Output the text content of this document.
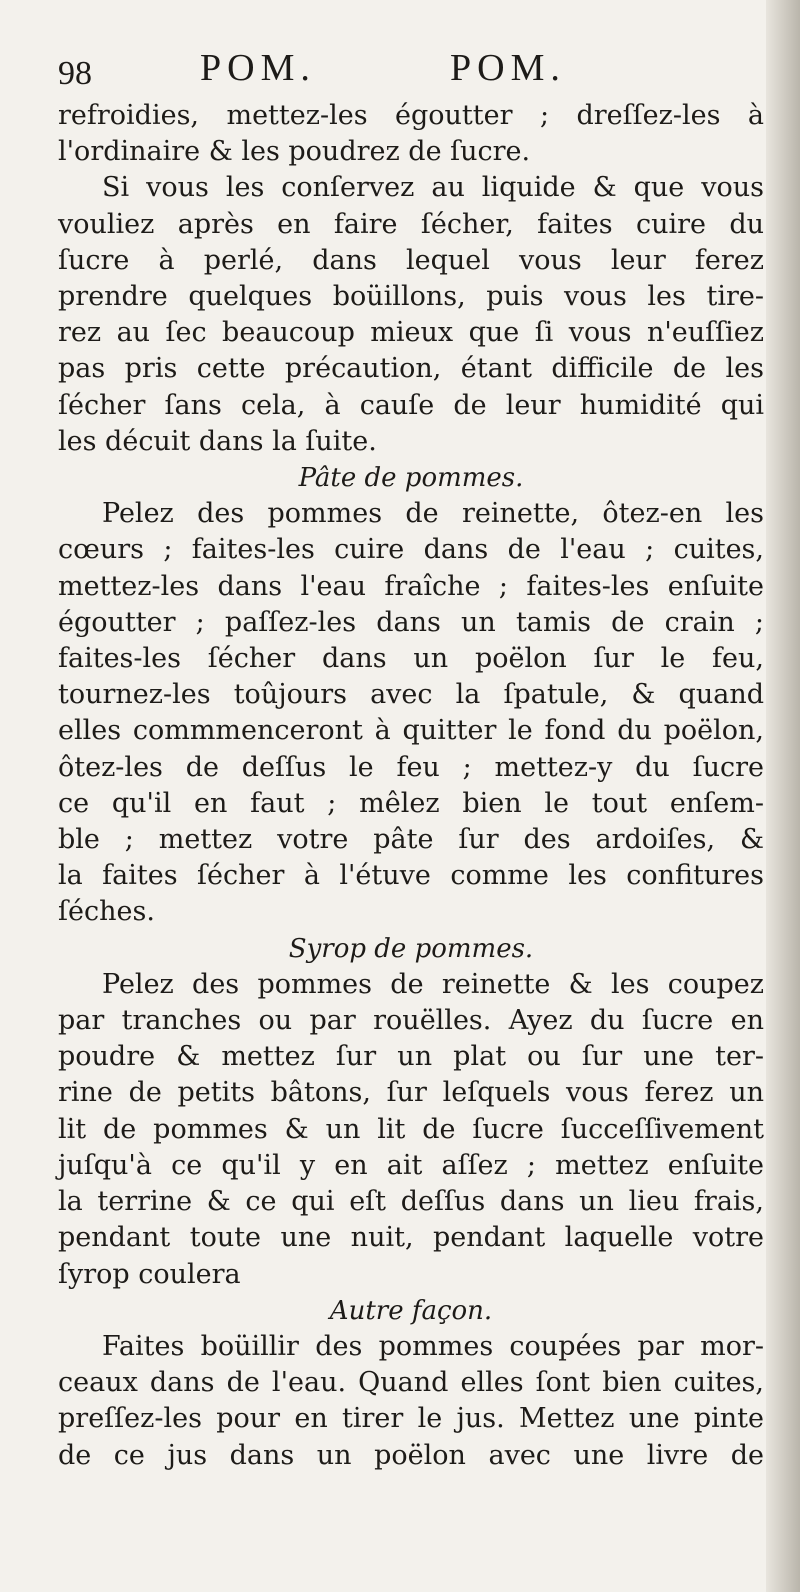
98	POM.	POM.
refroidies, mettez-les égoutter ; dreſſez-les à
l'ordinaire & les poudrez de ſucre.
Si vous les conſervez au liquide & que vous
vouliez après en faire ſécher, faites cuire du
ſucre à perlé, dans lequel vous leur ferez
prendre quelques boüillons, puis vous les tire-
rez au ſec beaucoup mieux que ſi vous n'euſſiez
pas pris cette précaution, étant difficile de les
ſécher ſans cela, à cauſe de leur humidité qui
les décuit dans la ſuite.
Pâte de pommes.
Pelez des pommes de reinette, ôtez-en les
cœurs ; faites-les cuire dans de l'eau ; cuites,
mettez-les dans l'eau fraîche ; faites-les enſuite
égoutter ; paſſez-les dans un tamis de crain ;
faites-les ſécher dans un poëlon ſur le feu,
tournez-les toûjours avec la ſpatule, & quand
elles commmenceront à quitter le fond du poëlon,
ôtez-les de deſſus le feu ; mettez-y du ſucre
ce qu'il en faut ; mêlez bien le tout enſem-
ble ; mettez votre pâte ſur des ardoiſes, &
la faites ſécher à l'étuve comme les confitures
ſéches.
Syrop de pommes.
Pelez des pommes de reinette & les coupez
par tranches ou par rouëlles. Ayez du ſucre en
poudre & mettez ſur un plat ou ſur une ter-
rine de petits bâtons, ſur leſquels vous ferez un
lit de pommes & un lit de ſucre ſucceſſivement
juſqu'à ce qu'il y en ait aſſez ; mettez enſuite
la terrine & ce qui eſt deſſus dans un lieu frais,
pendant toute une nuit, pendant laquelle votre
ſyrop coulera
Autre façon.
Faites boüillir des pommes coupées par mor-
ceaux dans de l'eau. Quand elles ſont bien cuites,
preſſez-les pour en tirer le jus. Mettez une pinte
de ce jus dans un poëlon avec une livre de
